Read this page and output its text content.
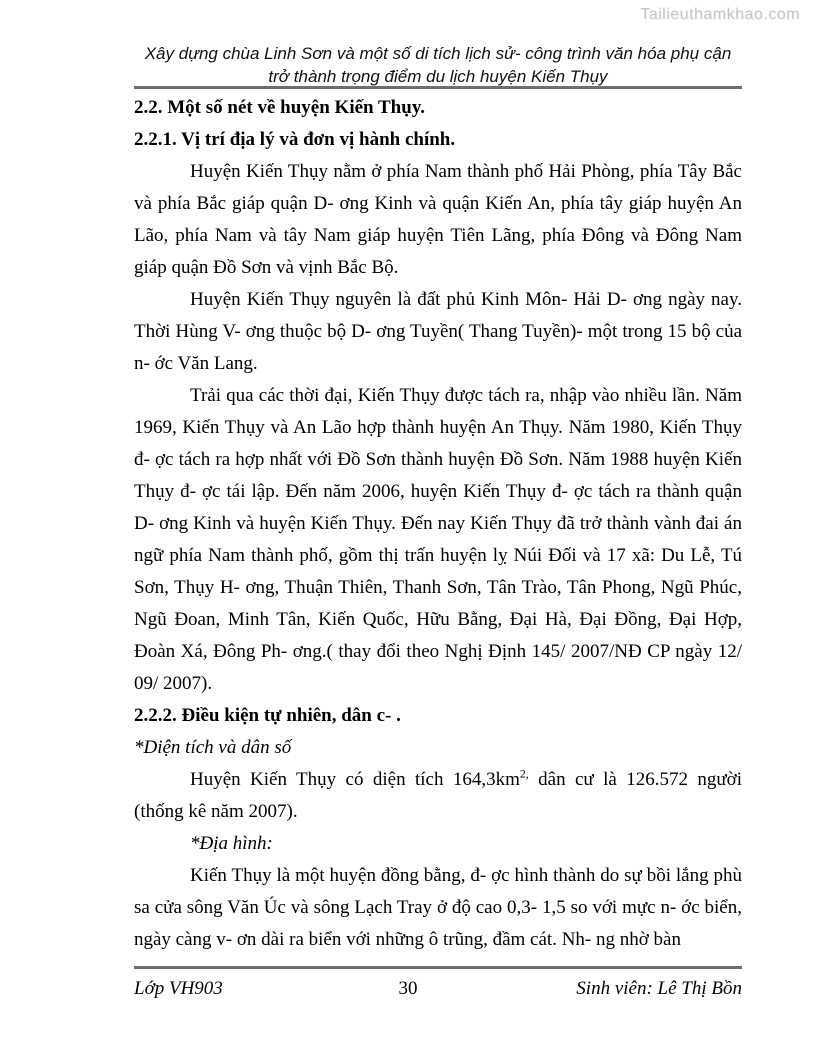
Tailieuthamkhao.com
Xây dựng chùa Linh Sơn và một số di tích lịch sử- công trình văn hóa phụ cận trở thành trọng điểm du lịch huyện Kiến Thụy

2.2. Một số nét về huyện Kiến Thụy.

2.2.1. Vị trí địa lý và đơn vị hành chính.

Huyện Kiến Thụy nằm ở phía Nam thành phố Hải Phòng, phía Tây Bắc và phía Bắc giáp quận D- ơng Kinh và quận Kiến An, phía tây giáp huyện An Lão, phía Nam và tây Nam giáp huyện Tiên Lãng, phía Đông và Đông Nam giáp quận Đồ Sơn và vịnh Bắc Bộ.

Huyện Kiến Thụy nguyên là đất phủ Kinh Môn- Hải D- ơng ngày nay. Thời Hùng V- ơng thuộc bộ D- ơng Tuyền( Thang Tuyền)- một trong 15 bộ của n- ớc Văn Lang.

Trải qua các thời đại, Kiến Thụy được tách ra, nhập vào nhiều lần. Năm 1969, Kiến Thụy và An Lão hợp thành huyện An Thụy. Năm 1980, Kiến Thụy đ- ợc tách ra hợp nhất với Đồ Sơn thành huyện Đồ Sơn. Năm 1988 huyện Kiến Thụy đ- ợc tái lập. Đến năm 2006, huyện Kiến Thụy đ- ợc tách ra thành quận D- ơng Kinh và huyện Kiến Thụy. Đến nay Kiến Thụy đã trở thành vành đai án ngữ phía Nam thành phố, gồm thị trấn huyện lỵ Núi Đối và 17 xã: Du Lễ, Tú Sơn, Thụy H- ơng, Thuận Thiên, Thanh Sơn, Tân Trào, Tân Phong, Ngũ Phúc, Ngũ Đoan, Minh Tân, Kiến Quốc, Hữu Bằng, Đại Hà, Đại Đồng, Đại Hợp, Đoàn Xá, Đông Ph- ơng.( thay đổi theo Nghị Định 145/ 2007/NĐ CP ngày 12/ 09/ 2007).

2.2.2. Điều kiện tự nhiên, dân c- .

*Diện tích và dân số

Huyện Kiến Thụy có diện tích $164,3km^{2,}$ dân cư là 126.572 người (thống kê năm 2007).

*Địa hình:

Kiến Thụy là một huyện đồng bằng, đ- ợc hình thành do sự bồi lắng phù sa cửa sông Văn Úc và sông Lạch Tray ở độ cao 0,3- 1,5 so với mực n- ớc biển, ngày càng v- ơn dài ra biển với những ô trũng, đầm cát. Nh- ng nhờ bàn

Lớp VH903	30	Sinh viên: Lê Thị Bồn
